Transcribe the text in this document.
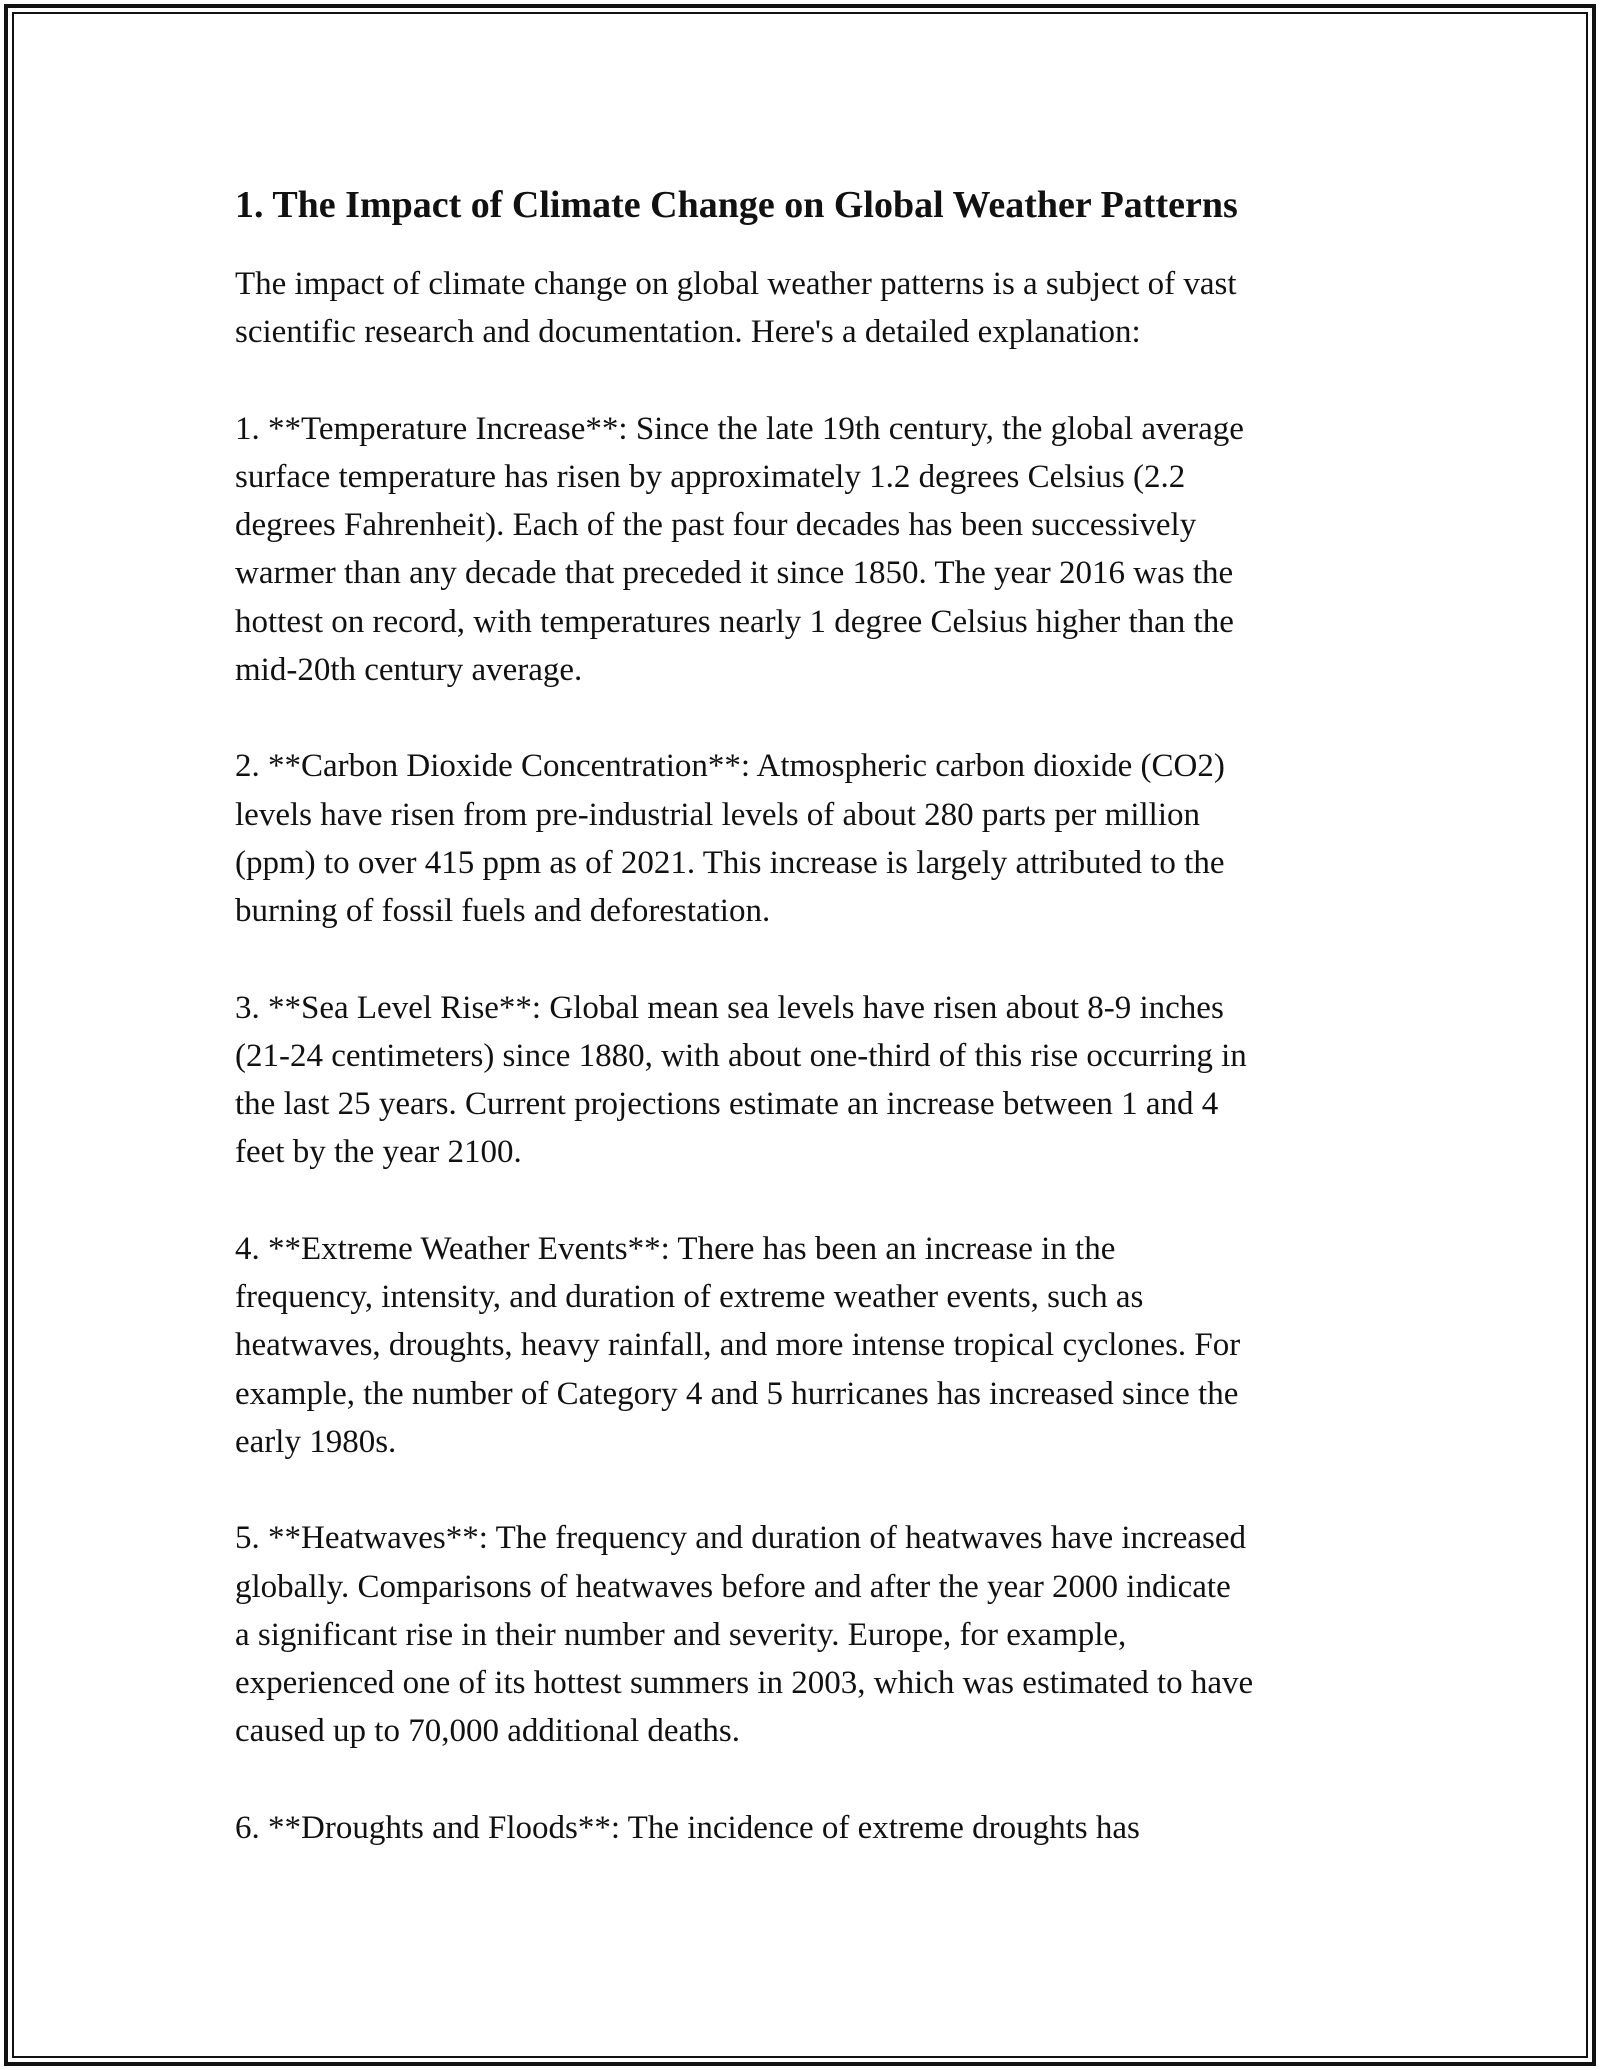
1. The Impact of Climate Change on Global Weather Patterns

The impact of climate change on global weather patterns is a subject of vast
scientific research and documentation. Here's a detailed explanation:

1. **Temperature Increase**: Since the late 19th century, the global average
surface temperature has risen by approximately 1.2 degrees Celsius (2.2
degrees Fahrenheit). Each of the past four decades has been successively
warmer than any decade that preceded it since 1850. The year 2016 was the
hottest on record, with temperatures nearly 1 degree Celsius higher than the
mid-20th century average.

2. **Carbon Dioxide Concentration**: Atmospheric carbon dioxide (CO2)
levels have risen from pre-industrial levels of about 280 parts per million
(ppm) to over 415 ppm as of 2021. This increase is largely attributed to the
burning of fossil fuels and deforestation.

3. **Sea Level Rise**: Global mean sea levels have risen about 8-9 inches
(21-24 centimeters) since 1880, with about one-third of this rise occurring in
the last 25 years. Current projections estimate an increase between 1 and 4
feet by the year 2100.

4. **Extreme Weather Events**: There has been an increase in the
frequency, intensity, and duration of extreme weather events, such as
heatwaves, droughts, heavy rainfall, and more intense tropical cyclones. For
example, the number of Category 4 and 5 hurricanes has increased since the
early 1980s.

5. **Heatwaves**: The frequency and duration of heatwaves have increased
globally. Comparisons of heatwaves before and after the year 2000 indicate
a significant rise in their number and severity. Europe, for example,
experienced one of its hottest summers in 2003, which was estimated to have
caused up to 70,000 additional deaths.

6. **Droughts and Floods**: The incidence of extreme droughts has
